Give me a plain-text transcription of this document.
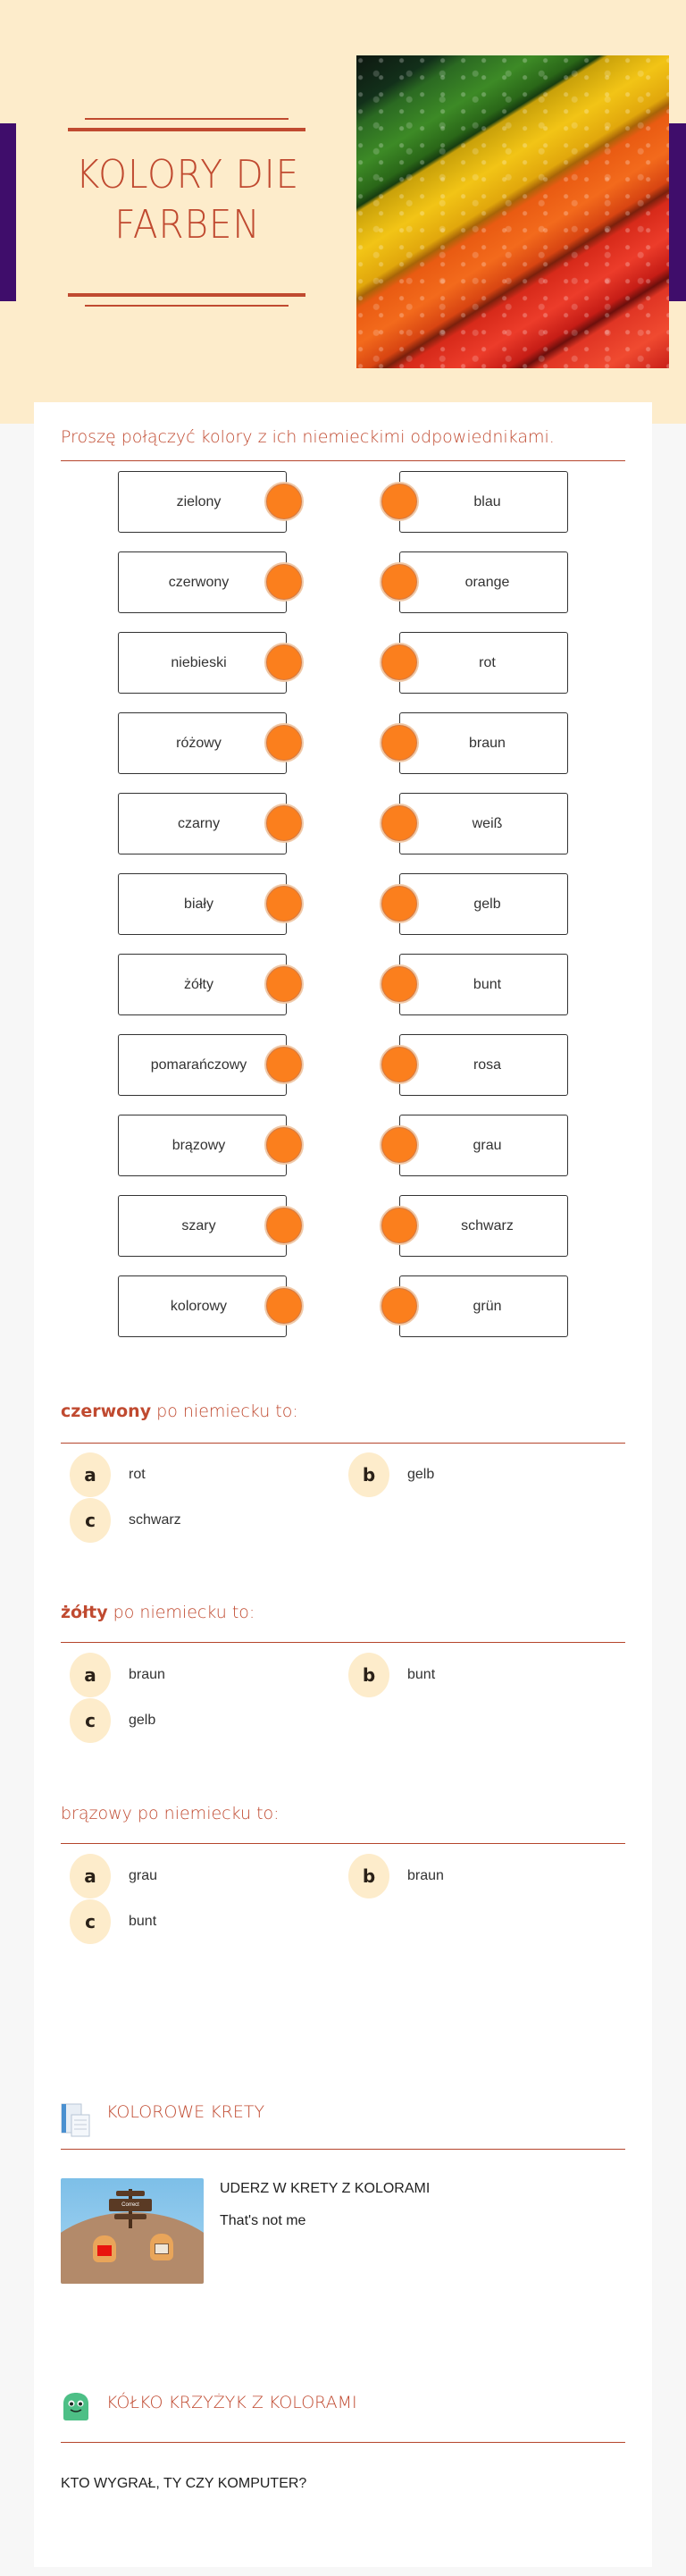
KOLORY DIE
FARBEN
Proszę połączyć kolory z ich niemieckimi odpowiednikami.
zielony	blau
czerwony	orange
niebieski	rot
różowy	braun
czarny	weiß
biały	gelb
żółty	bunt
pomarańczowy	rosa
brązowy	grau
szary	schwarz
kolorowy	grün
czerwony po niemiecku to:
a	rot	b	gelb
c	schwarz
żółty po niemiecku to:
a	braun	b	bunt
c	gelb
brązowy po niemiecku to:
a	grau	b	braun
c	bunt
KOLOROWE KRETY
Correct
UDERZ W KRETY Z KOLORAMI
That's not me
KÓŁKO KRZYŻYK Z KOLORAMI
KTO WYGRAŁ, TY CZY KOMPUTER?
